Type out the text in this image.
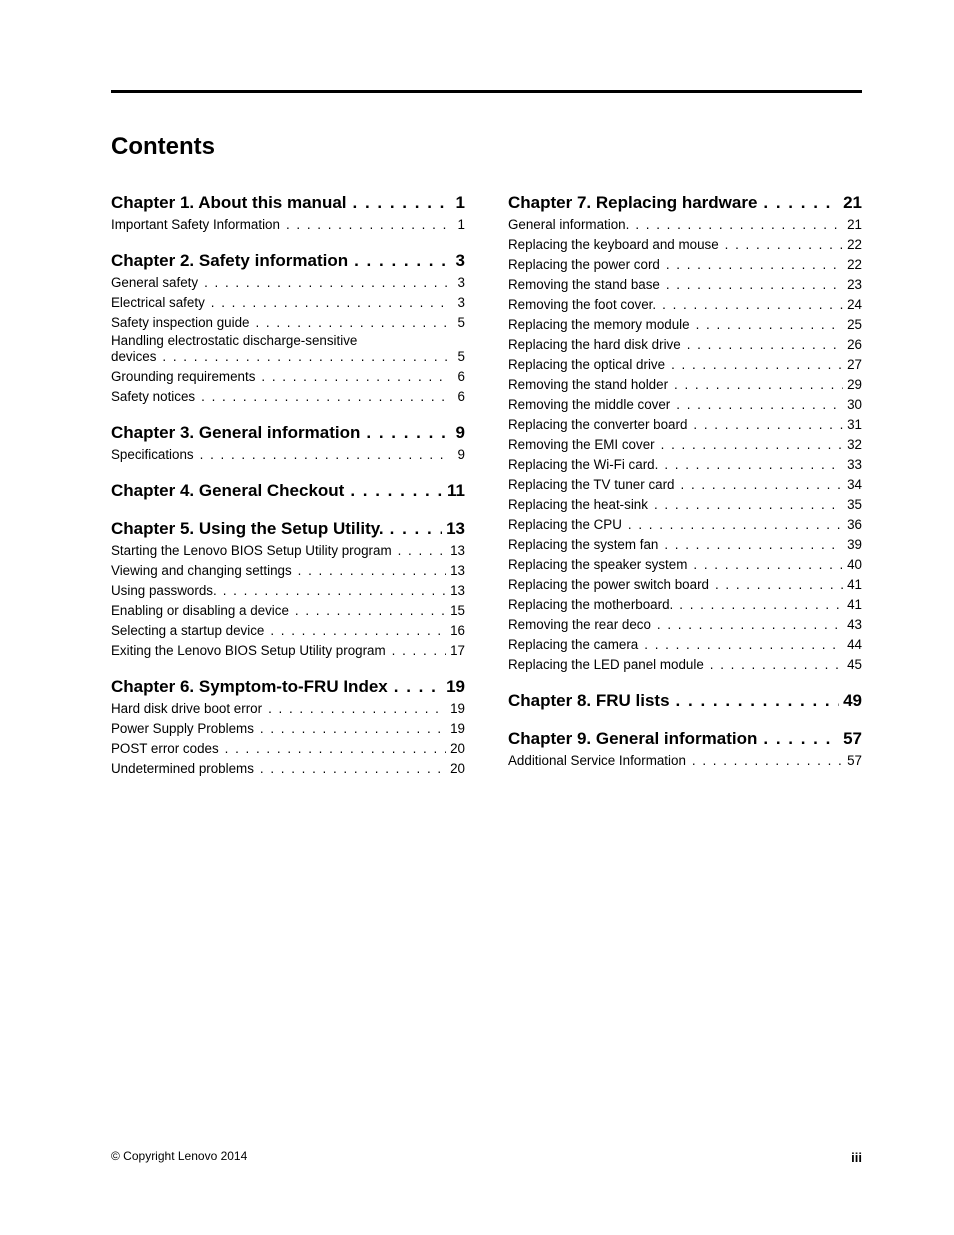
Contents
Chapter 1. About this manual . . .	1
Important Safety Information . . .	1
Chapter 2. Safety information . . .	3
General safety . . .	3
Electrical safety . . .	3
Safety inspection guide . . .	5
Handling electrostatic discharge-sensitive
devices . . .	5
Grounding requirements . . .	6
Safety notices . . .	6
Chapter 3. General information . . .	9
Specifications . . .	9
Chapter 4. General Checkout . . .	11
Chapter 5. Using the Setup Utility. . . .	13
Starting the Lenovo BIOS Setup Utility program . . .	13
Viewing and changing settings . . .	13
Using passwords. . . .	13
Enabling or disabling a device . . .	15
Selecting a startup device . . .	16
Exiting the Lenovo BIOS Setup Utility program . . .	17
Chapter 6. Symptom-to-FRU Index . . .	19
Hard disk drive boot error . . .	19
Power Supply Problems . . .	19
POST error codes . . .	20
Undetermined problems . . .	20
Chapter 7. Replacing hardware . . .	21
General information. . . .	21
Replacing the keyboard and mouse . . .	22
Replacing the power cord . . .	22
Removing the stand base . . .	23
Removing the foot cover. . . .	24
Replacing the memory module . . .	25
Replacing the hard disk drive . . .	26
Replacing the optical drive . . .	27
Removing the stand holder . . .	29
Removing the middle cover . . .	30
Replacing the converter board . . .	31
Removing the EMI cover . . .	32
Replacing the Wi-Fi card. . . .	33
Replacing the TV tuner card . . .	34
Replacing the heat-sink . . .	35
Replacing the CPU . . .	36
Replacing the system fan . . .	39
Replacing the speaker system . . .	40
Replacing the power switch board . . .	41
Replacing the motherboard. . . .	41
Removing the rear deco . . .	43
Replacing the camera . . .	44
Replacing the LED panel module . . .	45
Chapter 8. FRU lists . . .	49
Chapter 9. General information . . .	57
Additional Service Information . . .	57
© Copyright Lenovo 2014	iii
